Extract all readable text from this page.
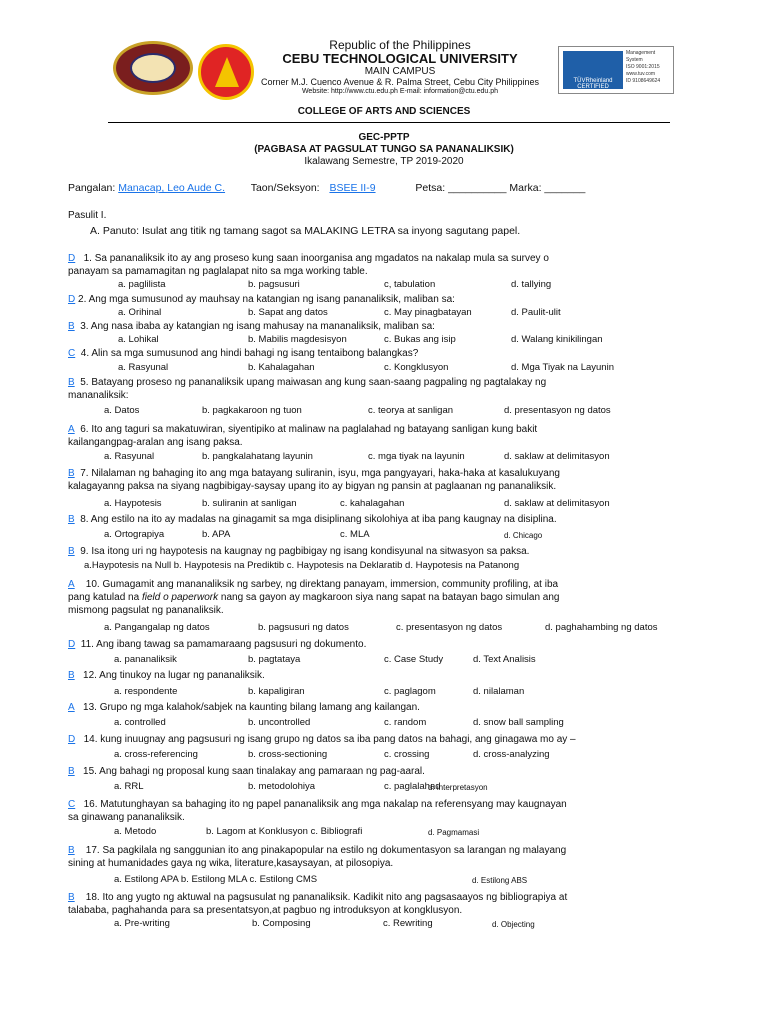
Republic of the Philippines
CEBU TECHNOLOGICAL UNIVERSITY
MAIN CAMPUS
Corner M.J. Cuenco Avenue & R. Palma Street, Cebu City Philippines
Website: http://www.ctu.edu.ph E-mail: information@ctu.edu.ph
TÜVRheinland CERTIFIED
Management
System
ISO 9001:2015
www.tuv.com
ID 9108649624
COLLEGE OF ARTS AND SCIENCES
GEC-PPTP
(PAGBASA AT PAGSULAT TUNGO SA PANANALIKSIK)
Ikalawang Semestre, TP 2019-2020
Pangalan: Manacap, Leo Aude C. Taon/Seksyon: BSEE II-9	Petsa: __________ Marka: _______
Pasulit I.
A. Panuto: Isulat ang titik ng tamang sagot sa MALAKING LETRA sa inyong sagutang papel.
D 1. Sa pananaliksik ito ay ang proseso kung saan inoorganisa ang mgadatos na nakalap mula sa survey o
panayam sa pamamagitan ng paglalapat nito sa mga working table.
a. paglilista	b. pagsusuri	c, tabulation	d. tallying
D 2. Ang mga sumusunod ay mauhsay na katangian ng isang pananaliksik, maliban sa:
a. Orihinal	b. Sapat ang datos	c. May pinagbatayan	d. Paulit-ulit
B 3. Ang nasa ibaba ay katangian ng isang mahusay na mananaliksik, maliban sa:
a. Lohikal	b. Mabilis magdesisyon	c. Bukas ang isip	d. Walang kinikilingan
C 4. Alin sa mga sumusunod ang hindi bahagi ng isang tentaibong balangkas?
a. Rasyunal	b. Kahalagahan	c. Kongklusyon	d. Mga Tiyak na Layunin
B 5. Batayang proseso ng pananaliksik upang maiwasan ang kung saan-saang pagpaling ng pagtalakay ng
mananaliksik:
a. Datos	b. pagkakaroon ng tuon	c. teorya at sanligan	d. presentasyon ng datos
A 6. Ito ang taguri sa makatuwiran, siyentipiko at malinaw na paglalahad ng batayang sanligan kung bakit
kailangangpag-aralan ang isang paksa.
a. Rasyunal	b. pangkalahatang layunin	c. mga tiyak na layunin	d. saklaw at delimitasyon
B 7. Nilalaman ng bahaging ito ang mga batayang suliranin, isyu, mga pangyayari, haka-haka at kasalukuyang
kalagayanng paksa na siyang nagbibigay-saysay upang ito ay bigyan ng pansin at paglaanan ng pananaliksik.
a. Haypotesis	b. suliranin at sanligan	c. kahalagahan	d. saklaw at delimitasyon
B 8. Ang estilo na ito ay madalas na ginagamit sa mga disiplinang sikolohiya at iba pang kaugnay na disiplina.
a. Ortograpiya	b. APA	c. MLA	d. Chicago
B 9. Isa itong uri ng haypotesis na kaugnay ng pagbibigay ng isang kondisyunal na sitwasyon sa paksa.
a.Haypotesis na Null b. Haypotesis na Prediktib c. Haypotesis na Deklaratib d. Haypotesis na Patanong
A 10. Gumagamit ang mananaliksik ng sarbey, ng direktang panayam, immersion, community profiling, at iba
pang katulad na field o paperwork nang sa gayon ay magkaroon siya nang sapat na batayan bago simulan ang
mismong pagsulat ng pananaliksik.
a. Pangangalap ng datos	b. pagsusuri ng datos	c. presentasyon ng datos	d. paghahambing ng datos
D 11. Ang ibang tawag sa pamamaraang pagsusuri ng dokumento.
a. pananaliksik	b. pagtataya	c. Case Study	d. Text Analisis
B 12. Ang tinukoy na lugar ng pananaliksik.
a. respondente	b. kapaligiran	c. paglagom	d. nilalaman
A 13. Grupo ng mga kalahok/sabjek na kaunting bilang lamang ang kailangan.
a. controlled	b. uncontrolled	c. random	d. snow ball sampling
D 14. kung inuugnay ang pagsusuri ng isang grupo ng datos sa iba pang datos na bahagi, ang ginagawa mo ay –
a. cross-referencing	b. cross-sectioning	c. crossing	d. cross-analyzing
B 15. Ang bahagi ng proposal kung saan tinalakay ang pamaraan ng pag-aaral.
a. RRL	b. metodolohiya	c. paglalahad
d. interpretasyon
C 16. Matutunghayan sa bahaging ito ng papel pananaliksik ang mga nakalap na referensyang may kaugnayan
sa ginawang pananaliksik.
a. Metodo	b. Lagom at Konklusyon c. Bibliografi	d. Pagmamasi
B 17. Sa pagkilala ng sanggunian ito ang pinakapopular na estilo ng dokumentasyon sa larangan ng malayang
sining at humanidades gaya ng wika, literature,kasaysayan, at pilosopiya.
a. Estilong APA b. Estilong MLA c. Estilong CMS	d. Estilong ABS
B 18. Ito ang yugto ng aktuwal na pagsusulat ng pananaliksik. Kadikit nito ang pagsasaayos ng bibliograpiya at
talababa, paghahanda para sa presentatsyon,at pagbuo ng introduksyon at kongklusyon.
a. Pre-writing	b. Composing	c. Rewriting	d. Objecting
